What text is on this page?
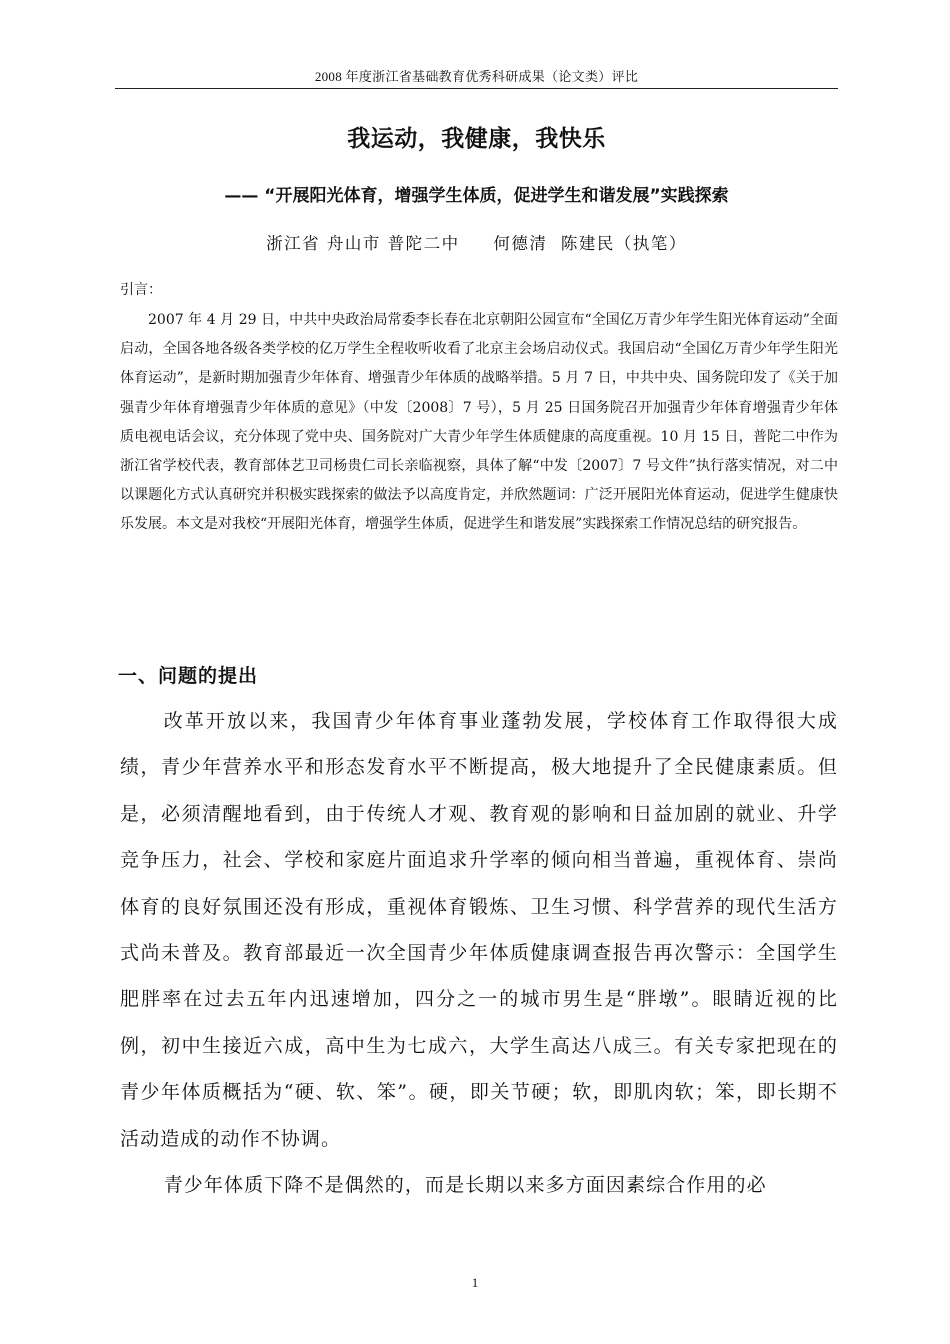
2008 年度浙江省基础教育优秀科研成果（论文类）评比
我运动，我健康，我快乐
—— “开展阳光体育，增强学生体质，促进学生和谐发展”实践探索
浙江省 舟山市 普陀二中     何德清  陈建民（执笔）
引言：

2007 年 4 月 29 日，中共中央政治局常委李长春在北京朝阳公园宣布“全国亿万青少年学生阳光体育运动”全面启动，全国各地各级各类学校的亿万学生全程收听收看了北京主会场启动仪式。我国启动“全国亿万青少年学生阳光体育运动”，是新时期加强青少年体育、增强青少年体质的战略举措。5 月 7 日，中共中央、国务院印发了《关于加强青少年体育增强青少年体质的意见》（中发〔2008〕7 号），5 月 25 日国务院召开加强青少年体育增强青少年体质电视电话会议，充分体现了党中央、国务院对广大青少年学生体质健康的高度重视。10 月 15 日，普陀二中作为浙江省学校代表，教育部体艺卫司杨贵仁司长亲临视察，具体了解“中发〔2007〕7 号文件”执行落实情况，对二中以课题化方式认真研究并积极实践探索的做法予以高度肯定，并欣然题词：广泛开展阳光体育运动，促进学生健康快乐发展。本文是对我校“开展阳光体育，增强学生体质，促进学生和谐发展”实践探索工作情况总结的研究报告。

一、问题的提出

改革开放以来，我国青少年体育事业蓬勃发展，学校体育工作取得很大成绩，青少年营养水平和形态发育水平不断提高，极大地提升了全民健康素质。但是，必须清醒地看到，由于传统人才观、教育观的影响和日益加剧的就业、升学竞争压力，社会、学校和家庭片面追求升学率的倾向相当普遍，重视体育、崇尚体育的良好氛围还没有形成，重视体育锻炼、卫生习惯、科学营养的现代生活方式尚未普及。教育部最近一次全国青少年体质健康调查报告再次警示：全国学生肥胖率在过去五年内迅速增加，四分之一的城市男生是“胖墩”。眼睛近视的比例，初中生接近六成，高中生为七成六，大学生高达八成三。有关专家把现在的青少年体质概括为“硬、软、笨”。硬，即关节硬；软，即肌肉软；笨，即长期不活动造成的动作不协调。

青少年体质下降不是偶然的，而是长期以来多方面因素综合作用的必

1
